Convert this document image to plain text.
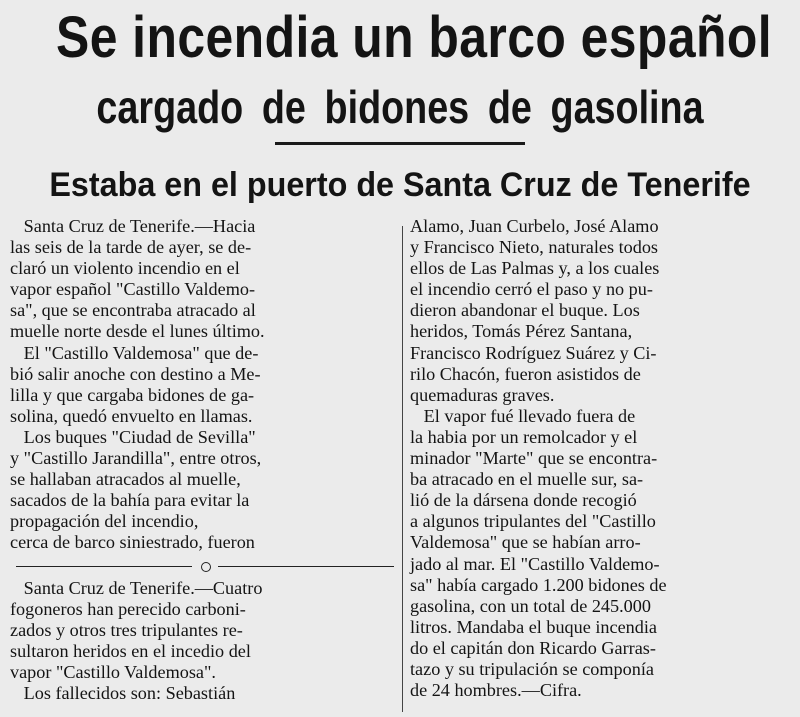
Se incendia un barco español
cargado de bidones de gasolina
Estaba en el puerto de Santa Cruz de Tenerife
Santa Cruz de Tenerife.—Hacia
las seis de la tarde de ayer, se de-
claró un violento incendio en el
vapor español "Castillo Valdemo-
sa", que se encontraba atracado al
muelle norte desde el lunes último.
El "Castillo Valdemosa" que de-
bió salir anoche con destino a Me-
lilla y que cargaba bidones de ga-
solina, quedó envuelto en llamas.
Los buques "Ciudad de Sevilla"
y "Castillo Jarandilla", entre otros,
se hallaban atracados al muelle,
sacados de la bahía para evitar la
propagación del incendio,
cerca de barco siniestrado, fueron
Santa Cruz de Tenerife.—Cuatro
fogoneros han perecido carboni-
zados y otros tres tripulantes re-
sultaron heridos en el incedio del
vapor "Castillo Valdemosa".
Los fallecidos son: Sebastián
Alamo, Juan Curbelo, José Alamo
y Francisco Nieto, naturales todos
ellos de Las Palmas y, a los cuales
el incendio cerró el paso y no pu-
dieron abandonar el buque. Los
heridos, Tomás Pérez Santana,
Francisco Rodríguez Suárez y Ci-
rilo Chacón, fueron asistidos de
quemaduras graves.
El vapor fué llevado fuera de
la habia por un remolcador y el
minador "Marte" que se encontra-
ba atracado en el muelle sur, sa-
lió de la dársena donde recogió
a algunos tripulantes del "Castillo
Valdemosa" que se habían arro-
jado al mar. El "Castillo Valdemo-
sa" había cargado 1.200 bidones de
gasolina, con un total de 245.000
litros. Mandaba el buque incendia
do el capitán don Ricardo Garras-
tazo y su tripulación se componía
de 24 hombres.—Cifra.
